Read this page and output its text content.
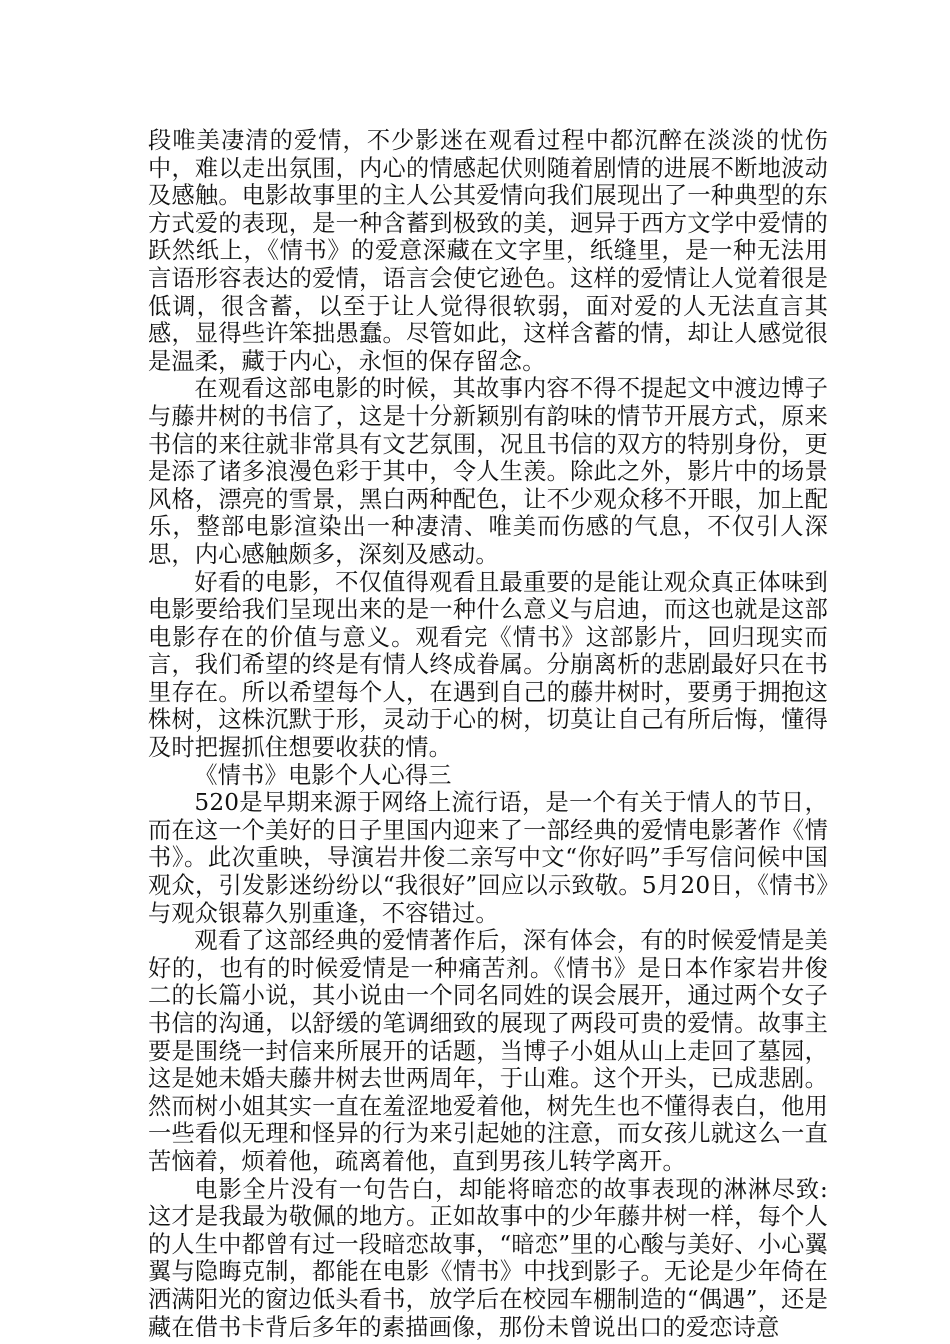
段唯美凄清的爱情，不少影迷在观看过程中都沉醉在淡淡的忧伤中，难以走出氛围，内心的情感起伏则随着剧情的进展不断地波动及感触。电影故事里的主人公其爱情向我们展现出了一种典型的东方式爱的表现，是一种含蓄到极致的美，迥异于西方文学中爱情的跃然纸上，《情书》的爱意深藏在文字里，纸缝里，是一种无法用言语形容表达的爱情，语言会使它逊色。这样的爱情让人觉着很是低调，很含蓄，以至于让人觉得很软弱，面对爱的人无法直言其感，显得些许笨拙愚蠢。尽管如此，这样含蓄的情，却让人感觉很是温柔，藏于内心，永恒的保存留念。

在观看这部电影的时候，其故事内容不得不提起文中渡边博子与藤井树的书信了，这是十分新颖别有韵味的情节开展方式，原来书信的来往就非常具有文艺氛围，况且书信的双方的特别身份，更是添了诸多浪漫色彩于其中，令人生羡。除此之外，影片中的场景风格，漂亮的雪景，黑白两种配色，让不少观众移不开眼，加上配乐，整部电影渲染出一种凄清、唯美而伤感的气息，不仅引人深思，内心感触颇多，深刻及感动。

好看的电影，不仅值得观看且最重要的是能让观众真正体味到电影要给我们呈现出来的是一种什么意义与启迪，而这也就是这部电影存在的价值与意义。观看完《情书》这部影片，回归现实而言，我们希望的终是有情人终成眷属。分崩离析的悲剧最好只在书里存在。所以希望每个人，在遇到自己的藤井树时，要勇于拥抱这株树，这株沉默于形，灵动于心的树，切莫让自己有所后悔，懂得及时把握抓住想要收获的情。

《情书》电影个人心得三

520是早期来源于网络上流行语，是一个有关于情人的节日，而在这一个美好的日子里国内迎来了一部经典的爱情电影著作《情书》。此次重映，导演岩井俊二亲写中文“你好吗”手写信问候中国观众，引发影迷纷纷以“我很好”回应以示致敬。5月20日，《情书》与观众银幕久别重逢，不容错过。

观看了这部经典的爱情著作后，深有体会，有的时候爱情是美好的，也有的时候爱情是一种痛苦剂。《情书》是日本作家岩井俊二的长篇小说，其小说由一个同名同姓的误会展开，通过两个女子书信的沟通，以舒缓的笔调细致的展现了两段可贵的爱情。故事主要是围绕一封信来所展开的话题，当博子小姐从山上走回了墓园，这是她未婚夫藤井树去世两周年，于山难。这个开头，已成悲剧。然而树小姐其实一直在羞涩地爱着他，树先生也不懂得表白，他用一些看似无理和怪异的行为来引起她的注意，而女孩儿就这么一直苦恼着，烦着他，疏离着他，直到男孩儿转学离开。

电影全片没有一句告白，却能将暗恋的故事表现的淋淋尽致:这才是我最为敬佩的地方。正如故事中的少年藤井树一样，每个人的人生中都曾有过一段暗恋故事，“暗恋”里的心酸与美好、小心翼翼与隐晦克制，都能在电影《情书》中找到影子。无论是少年倚在洒满阳光的窗边低头看书，放学后在校园车棚制造的“偶遇”，还是藏在借书卡背后多年的素描画像，那份未曾说出口的爱恋诗意
